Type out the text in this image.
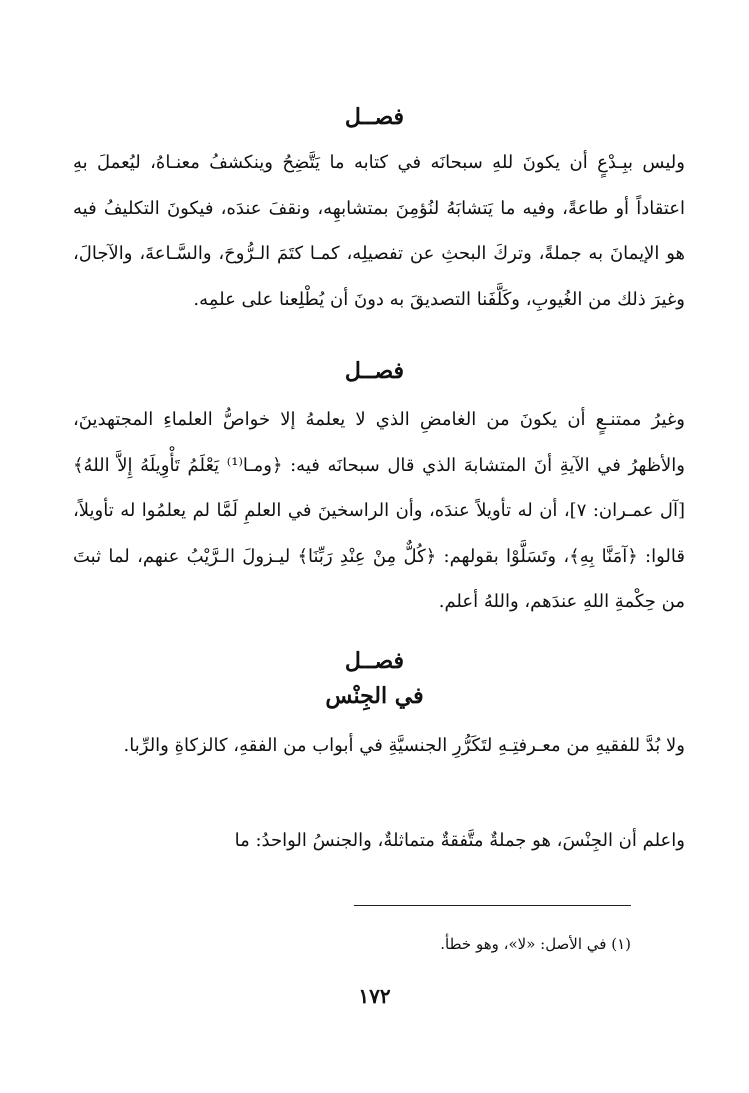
فصــل

وليس ببِـدْعٍ أن يكونَ للهِ سبحانَه في كتابه ما يَتَّضِحُ وينكشفُ معنـاهُ، ليُعملَ بهِ اعتقاداً أو طاعةً، وفيه ما يَتشابَهُ لنُؤمِنَ بمتشابهِه، ونقفَ عندَه، فيكونَ التكليفُ فيه هو الإيمانَ به جملةً، وتركَ البحثِ عن تفصيلِه، كمـا كتَمَ الـرُّوحَ، والسَّـاعةَ، والآجالَ، وغيرَ ذلك من الغُيوبِ، وكَلَّفَنا التصديقَ به دونَ أن يُطْلِعنا على علمِه.

فصــل

وغيرُ ممتنـعٍ أن يكونَ من الغامضِ الذي لا يعلمهُ إلا خواصُّ العلماءِ المجتهدينَ، والأظهرُ في الآيةِ أنَ المتشابهَ الذي قال سبحانَه فيه: ﴿ومـا⁽¹⁾ يَعْلَمُ تَأْوِيلَهُ إِلاَّ اللهُ﴾ [آل عمـران: ٧]، أن له تأويلاً عندَه، وأن الراسخينَ في العلمِ لَمَّا لم يعلمُوا له تأويلاً، قالوا: ﴿آمَنَّا بِهِ﴾، وتَسَلَّوْا بقولهم: ﴿كُلٌّ مِنْ عِنْدِ رَبِّنَا﴾ ليـزولَ الـرَّيْبُ عنهم، لما ثبتَ من حِكْمةِ اللهِ عندَهم، واللهُ أعلم.

فصــل
في الجِنْس

ولا بُدَّ للفقيهِ من معـرفتِـهِ لتَكَرُّرِ الجنسيَّةِ في أبواب من الفقهِ، كالزكاةِ والرِّبا.

واعلم أن الجِنْسَ، هو جملةٌ متَّفقةٌ متماثلةٌ، والجنسُ الواحدُ: ما

(١) في الأصل: «لا»، وهو خطأ.

١٧٢
